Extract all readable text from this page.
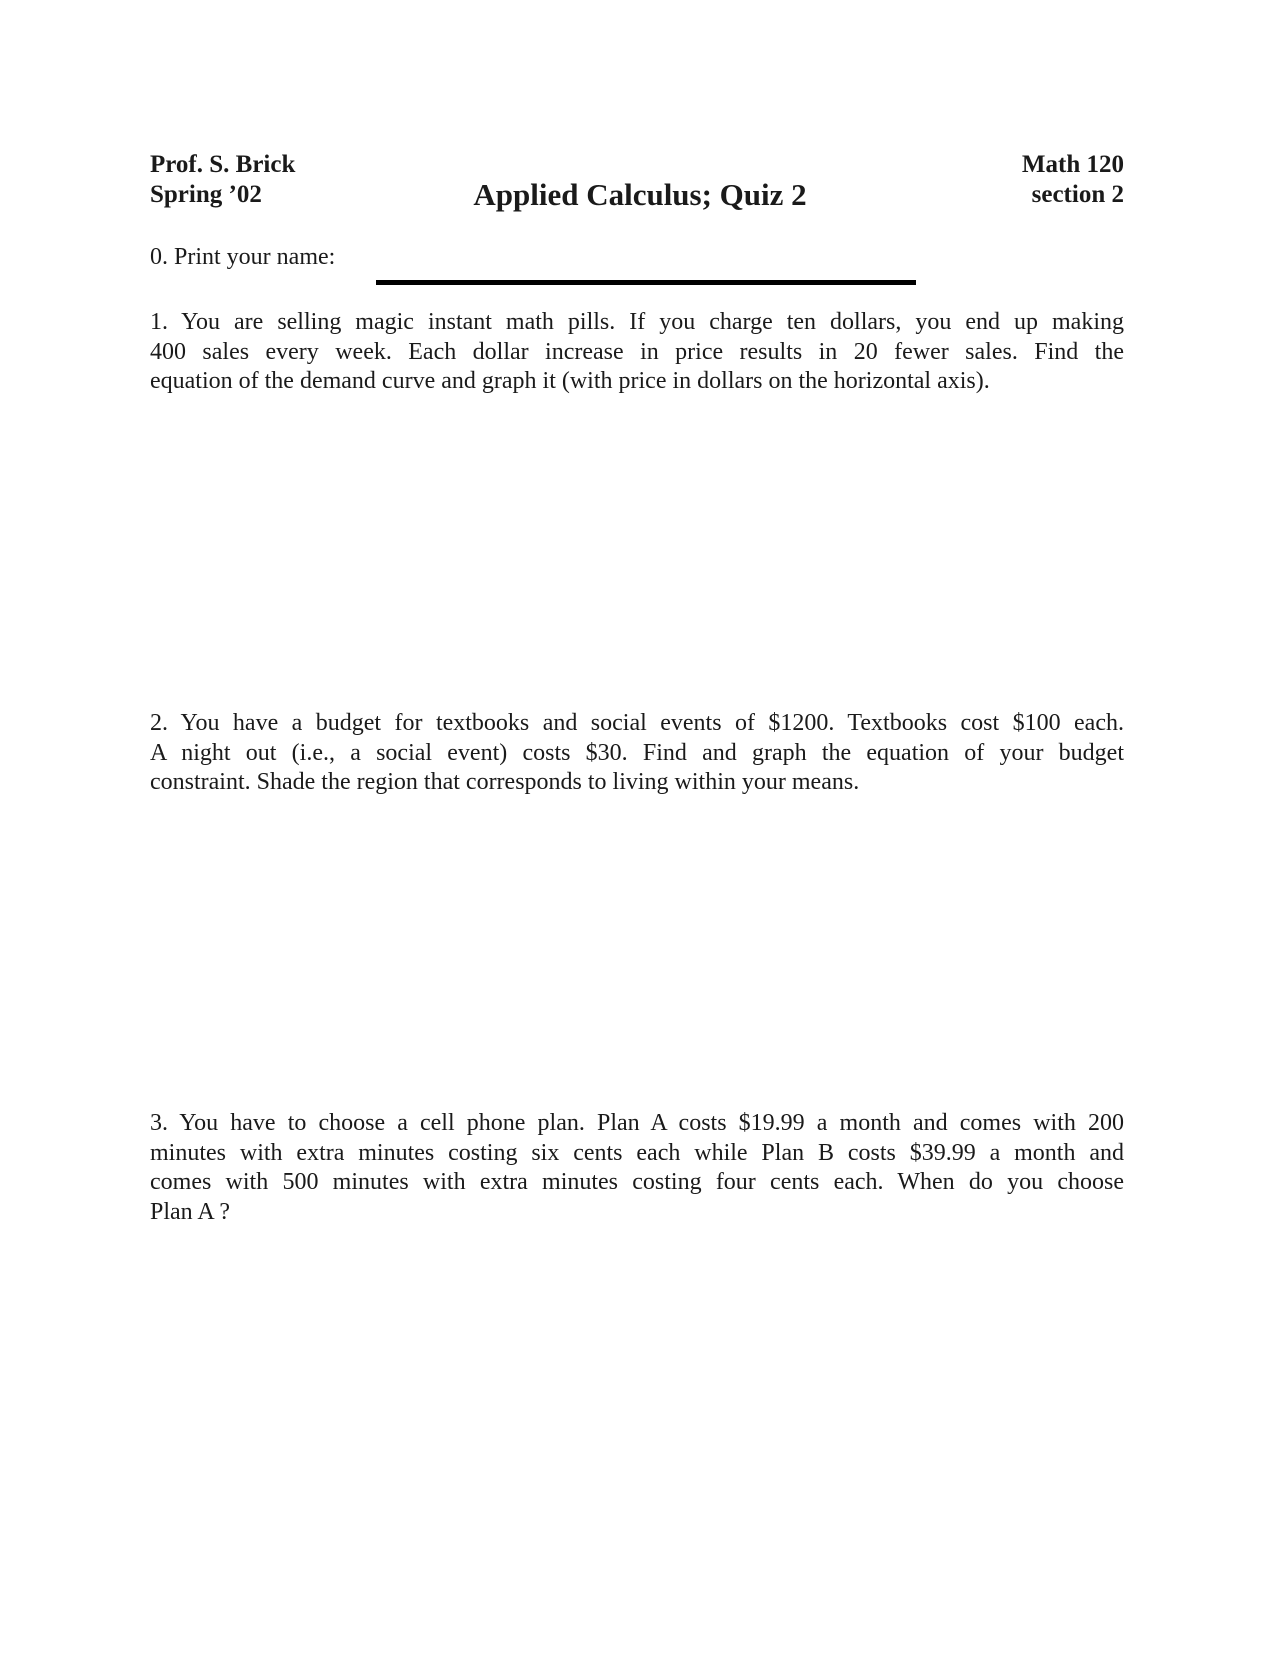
Prof. S. Brick
Spring ’02	Applied Calculus; Quiz 2
Math 120
section 2
0. Print your name:
1. You are selling magic instant math pills. If you charge ten dollars, you end up making
400 sales every week. Each dollar increase in price results in 20 fewer sales. Find the
equation of the demand curve and graph it (with price in dollars on the horizontal axis).
2. You have a budget for textbooks and social events of $1200. Textbooks cost $100 each.
A night out (i.e., a social event) costs $30. Find and graph the equation of your budget
constraint. Shade the region that corresponds to living within your means.
3. You have to choose a cell phone plan. Plan A costs $19.99 a month and comes with 200
minutes with extra minutes costing six cents each while Plan B costs $39.99 a month and
comes with 500 minutes with extra minutes costing four cents each. When do you choose
Plan A ?
